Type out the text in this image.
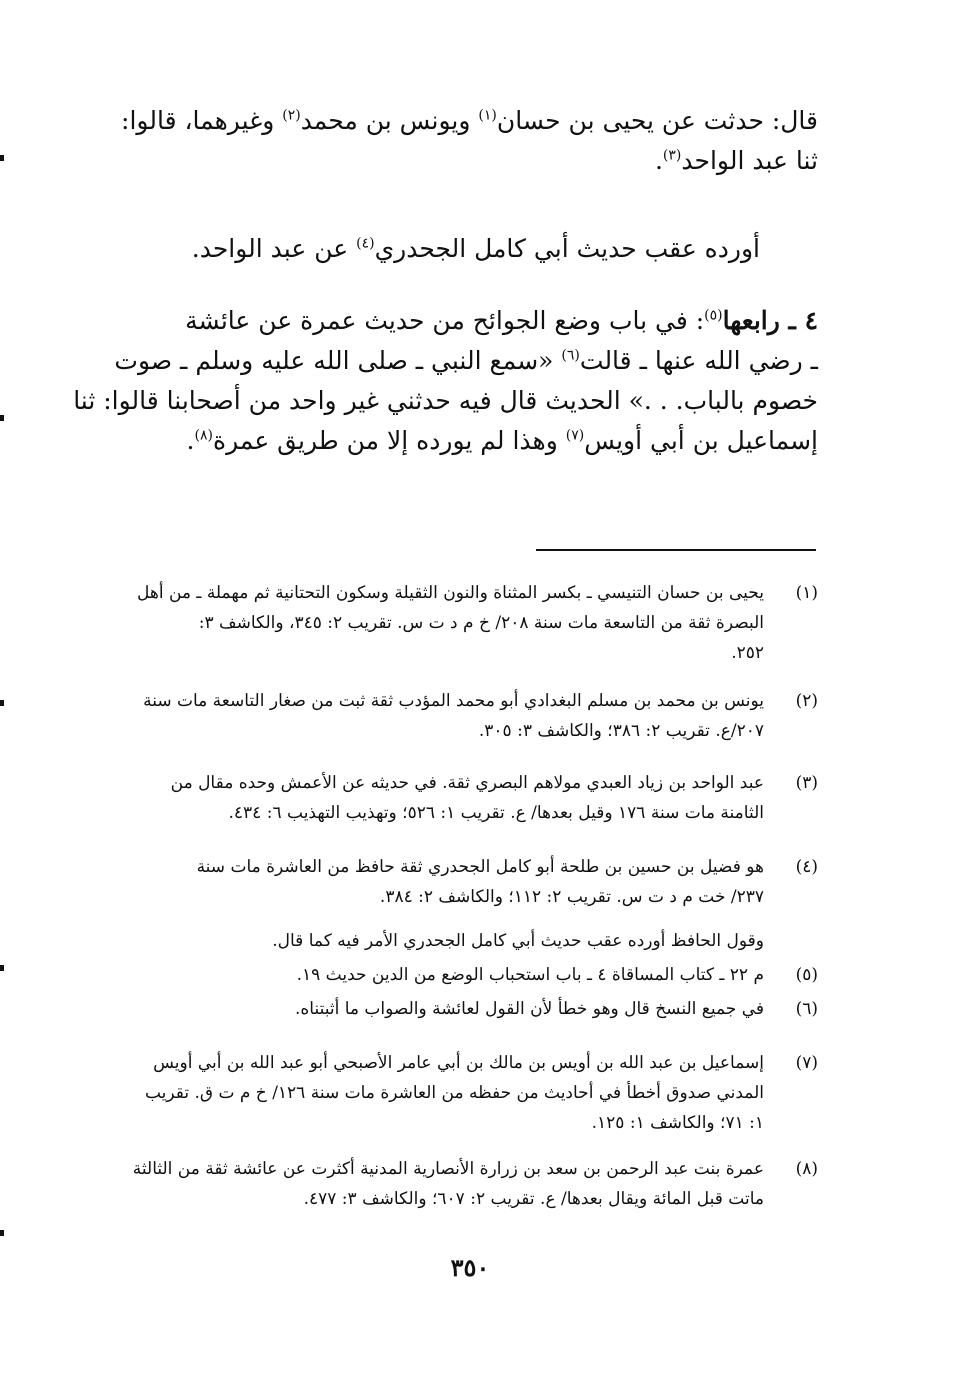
قال: حدثت عن يحيى بن حسان$^{(١)}$ ويونس بن محمد$^{(٢)}$ وغيرهما، قالوا:
ثنا عبد الواحد$^{(٣)}$.
أورده عقب حديث أبي كامل الجحدري$^{(٤)}$ عن عبد الواحد.
٤ ـ رابعها$^{(٥)}$: في باب وضع الجوائح من حديث عمرة عن عائشة
ـ رضي الله عنها ـ قالت$^{(٦)}$ «سمع النبي ـ صلى الله عليه وسلم ـ صوت
خصوم بالباب. . .» الحديث قال فيه حدثني غير واحد من أصحابنا قالوا: ثنا
إسماعيل بن أبي أويس$^{(٧)}$ وهذا لم يورده إلا من طريق عمرة$^{(٨)}$.
(١)
يحيى بن حسان التنيسي ـ بكسر المثناة والنون الثقيلة وسكون التحتانية ثم مهملة ـ من أهل
البصرة ثقة من التاسعة مات سنة ٢٠٨/ خ م د ت س. تقريب ٢: ٣٤٥، والكاشف ٣:
٢٥٢.
(٢)
يونس بن محمد بن مسلم البغدادي أبو محمد المؤدب ثقة ثبت من صغار التاسعة مات سنة
٢٠٧/ع. تقريب ٢: ٣٨٦؛ والكاشف ٣: ٣٠٥.
(٣)
عبد الواحد بن زياد العبدي مولاهم البصري ثقة. في حديثه عن الأعمش وحده مقال من
الثامنة مات سنة ١٧٦ وقيل بعدها/ ع. تقريب ١: ٥٢٦؛ وتهذيب التهذيب ٦: ٤٣٤.
(٤)
هو فضيل بن حسين بن طلحة أبو كامل الجحدري ثقة حافظ من العاشرة مات سنة
٢٣٧/ خت م د ت س. تقريب ٢: ١١٢؛ والكاشف ٢: ٣٨٤.
وقول الحافظ أورده عقب حديث أبي كامل الجحدري الأمر فيه كما قال.
(٥)
م ٢٢ ـ كتاب المساقاة ٤ ـ باب استحباب الوضع من الدين حديث ١٩.
(٦)
في جميع النسخ قال وهو خطأ لأن القول لعائشة والصواب ما أثبتناه.
(٧)
إسماعيل بن عبد الله بن أويس بن مالك بن أبي عامر الأصبحي أبو عبد الله بن أبي أويس
المدني صدوق أخطأ في أحاديث من حفظه من العاشرة مات سنة ١٢٦/ خ م ت ق. تقريب
١: ٧١؛ والكاشف ١: ١٢٥.
(٨)
عمرة بنت عبد الرحمن بن سعد بن زرارة الأنصارية المدنية أكثرت عن عائشة ثقة من الثالثة
ماتت قبل المائة ويقال بعدها/ ع. تقريب ٢: ٦٠٧؛ والكاشف ٣: ٤٧٧.
٣٥٠
